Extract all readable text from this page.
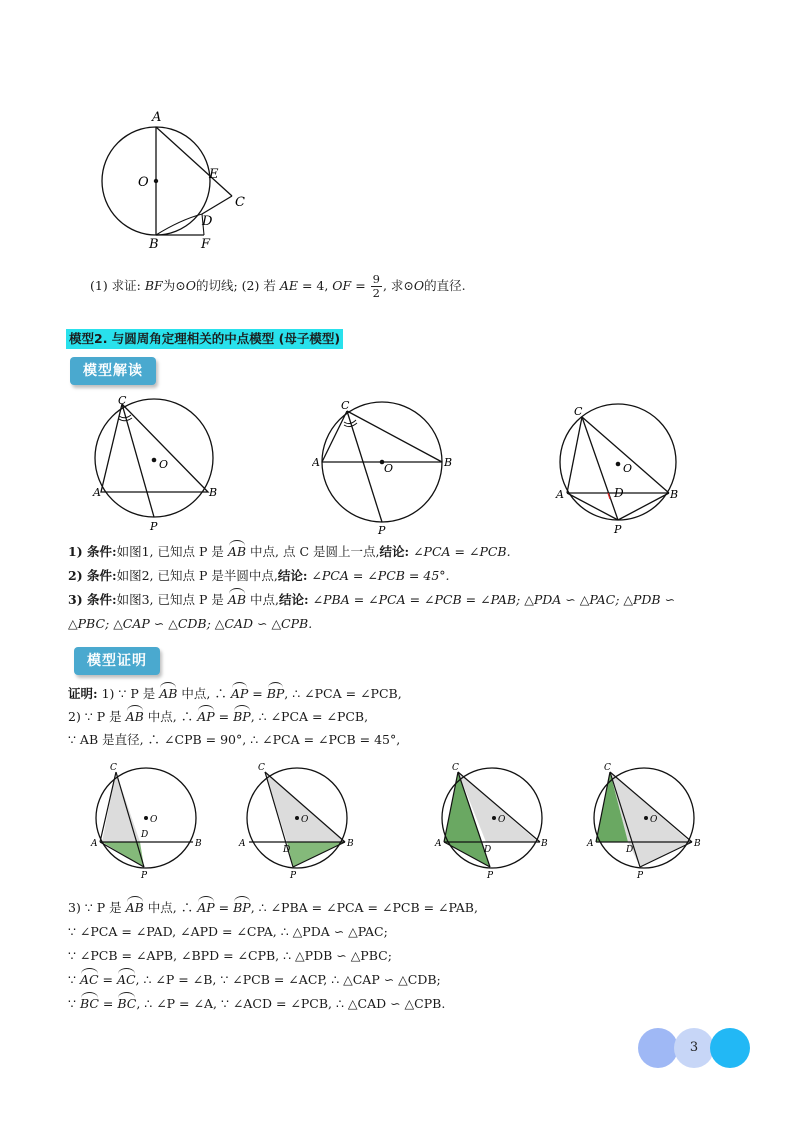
A
O
E
C
D
B	F
(1) 求证: BF为⊙O的切线; (2) 若 AE = 4, OF = $\frac{9}{2}$ , 求⊙O的直径.
模型2. 与圆周角定理相关的中点模型 (母子模型)
模型解读
C
O
A	B
P
C
O
A	B
P
C
O
A	B
D
P
1) 条件:如图1, 已知点 P 是 AB 中点, 点 C 是圆上一点,结论: ∠PCA = ∠PCB.
2) 条件:如图2, 已知点 P 是半圆中点,结论: ∠PCA = ∠PCB = 45°.
3) 条件:如图3, 已知点 P 是 AB 中点,结论: ∠PBA = ∠PCA = ∠PCB = ∠PAB; △PDA ∽ △PAC; △PDB ∽
△PBC; △CAP ∽ △CDB; △CAD ∽ △CPB.
模型证明
证明: 1) ∵ P 是 AB 中点, ∴ AP = BP, ∴ ∠PCA = ∠PCB,
2) ∵ P 是 AB 中点, ∴ AP = BP, ∴ ∠PCA = ∠PCB,
∵ AB 是直径, ∴ ∠CPB = 90°, ∴ ∠PCA = ∠PCB = 45°,
C
O
D
A	B
P
C
O
A
D
B
P
C
O
A
D
B
P
C
O
A
D
B
P
3) ∵ P 是 AB 中点, ∴ AP = BP, ∴ ∠PBA = ∠PCA = ∠PCB = ∠PAB,
∵ ∠PCA = ∠PAD, ∠APD = ∠CPA, ∴ △PDA ∽ △PAC;
∵ ∠PCB = ∠APB, ∠BPD = ∠CPB, ∴ △PDB ∽ △PBC;
∵ AC = AC, ∴ ∠P = ∠B, ∵ ∠PCB = ∠ACP, ∴ △CAP ∽ △CDB;
∵ BC = BC, ∴ ∠P = ∠A, ∵ ∠ACD = ∠PCB, ∴ △CAD ∽ △CPB.
3
